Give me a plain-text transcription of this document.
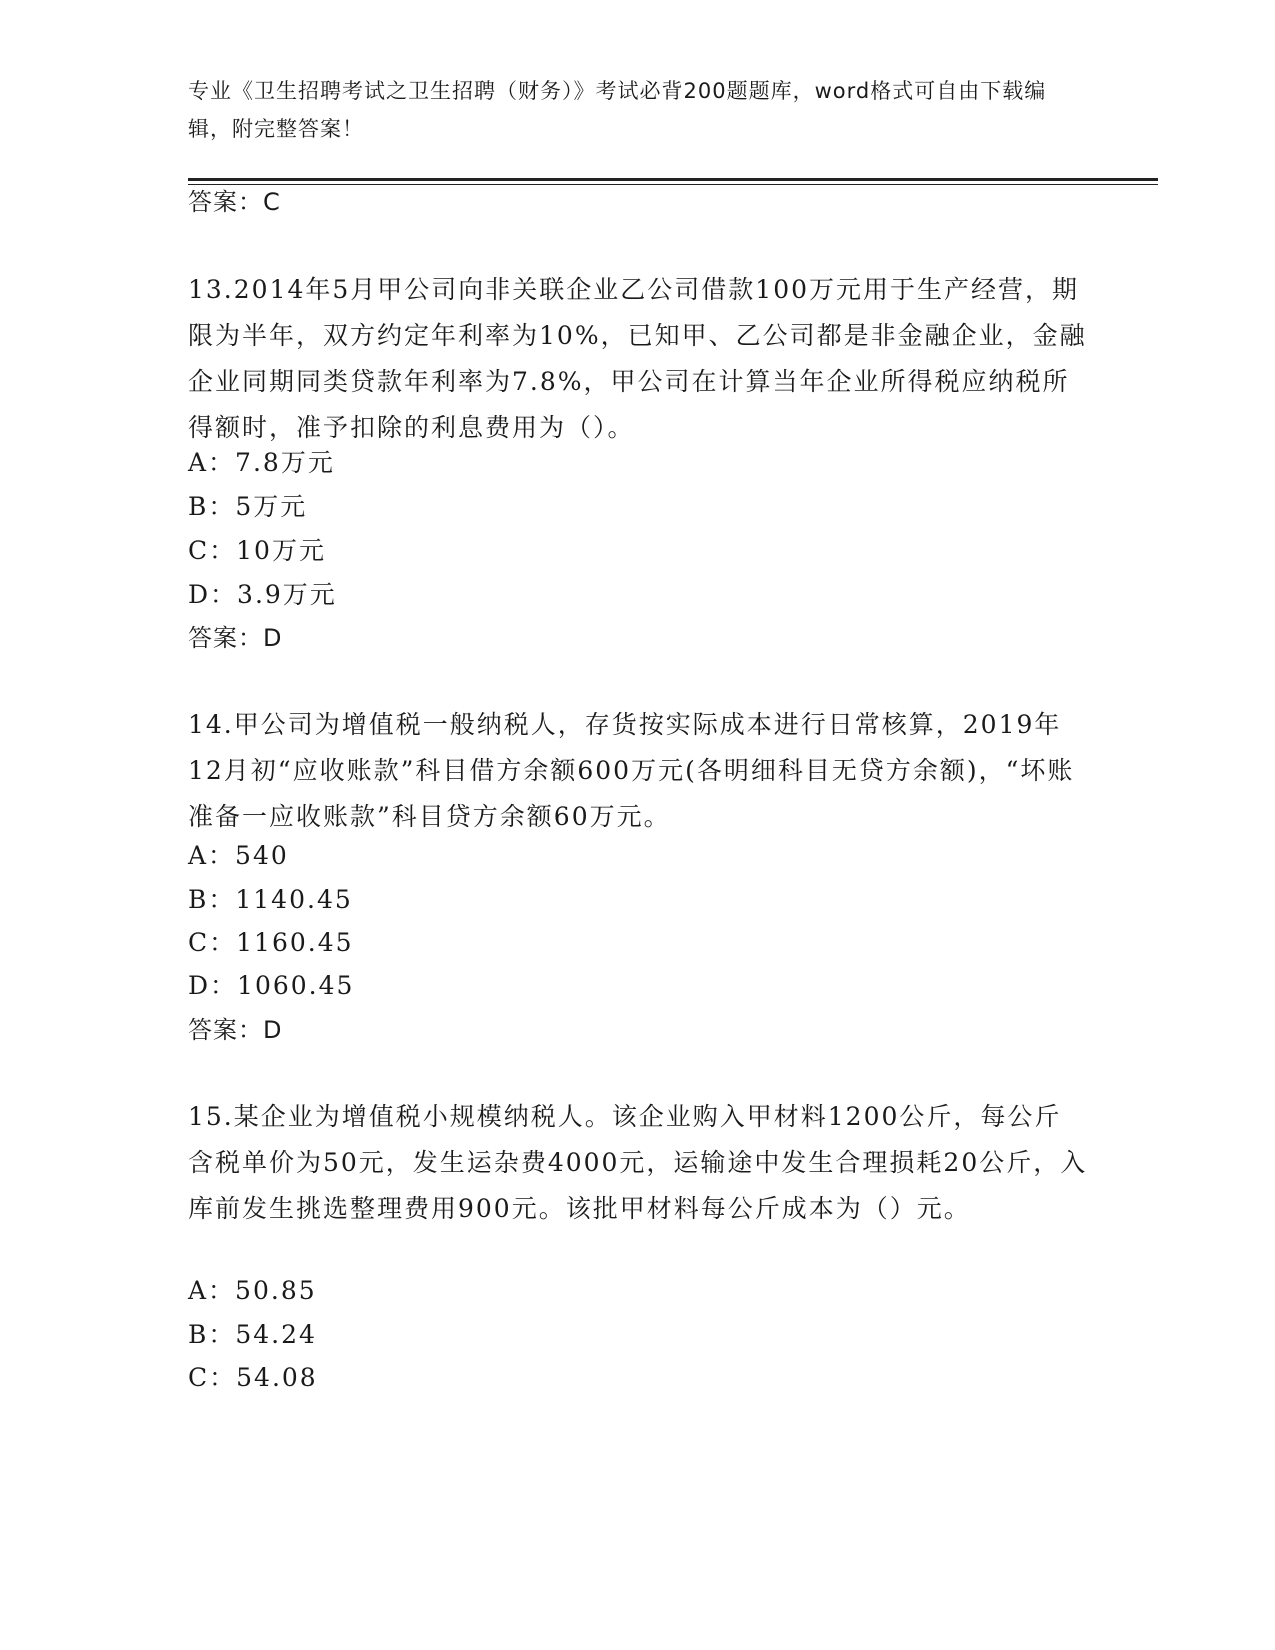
专业《卫生招聘考试之卫生招聘（财务）》考试必背200题题库，word格式可自由下载编辑，附完整答案！
答案：C
13.2014年5月甲公司向非关联企业乙公司借款100万元用于生产经营，期限为半年，双方约定年利率为10%，已知甲、乙公司都是非金融企业，金融企业同期同类贷款年利率为7.8%，甲公司在计算当年企业所得税应纳税所得额时，准予扣除的利息费用为（）。
A：7.8万元
B：5万元
C：10万元
D：3.9万元
答案：D
14.甲公司为增值税一般纳税人，存货按实际成本进行日常核算，2019年12月初“应收账款”科目借方余额600万元(各明细科目无贷方余额)，“坏账准备一应收账款”科目贷方余额60万元。
A：540
B：1140.45
C：1160.45
D：1060.45
答案：D
15.某企业为增值税小规模纳税人。该企业购入甲材料1200公斤，每公斤含税单价为50元，发生运杂费4000元，运输途中发生合理损耗20公斤，入库前发生挑选整理费用900元。该批甲材料每公斤成本为（）元。
A：50.85
B：54.24
C：54.08
